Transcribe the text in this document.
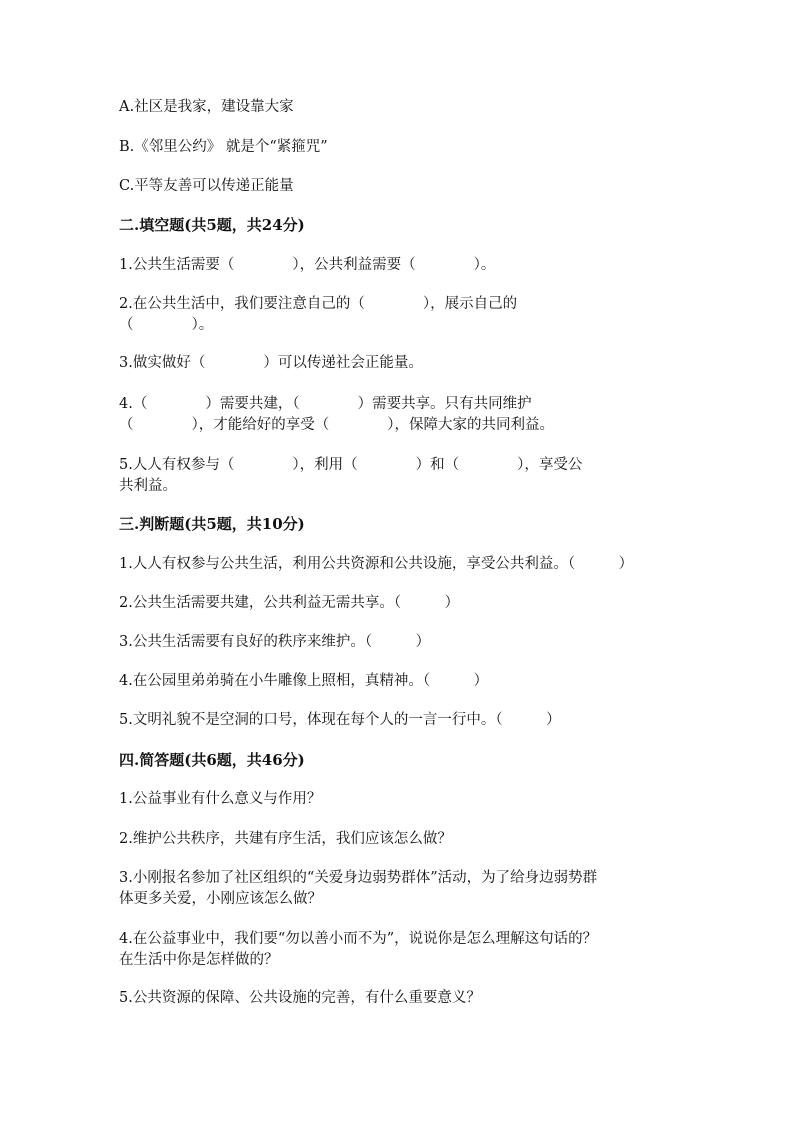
A.社区是我家，建设靠大家
B.《邻里公约》 就是个“紧箍咒”
C.平等友善可以传递正能量
二.填空题(共5题，共24分)
1.公共生活需要（　　　　），公共利益需要（　　　　）。
2.在公共生活中，我们要注意自己的（　　　　），展示自己的
（　　　　）。
3.做实做好（　　　　）可以传递社会正能量。
4.（　　　　）需要共建，（　　　　）需要共享。只有共同维护
（　　　　），才能给好的享受（　　　　），保障大家的共同利益。
5.人人有权参与（　　　　），利用（　　　　）和（　　　　），享受公
共利益。
三.判断题(共5题，共10分)
1.人人有权参与公共生活，利用公共资源和公共设施，享受公共利益。（　　　）
2.公共生活需要共建，公共利益无需共享。（　　　）
3.公共生活需要有良好的秩序来维护。（　　　）
4.在公园里弟弟骑在小牛雕像上照相，真精神。（　　　）
5.文明礼貌不是空洞的口号，体现在每个人的一言一行中。（　　　）
四.简答题(共6题，共46分)
1.公益事业有什么意义与作用？
2.维护公共秩序，共建有序生活，我们应该怎么做？
3.小刚报名参加了社区组织的“关爱身边弱势群体”活动，为了给身边弱势群
体更多关爱，小刚应该怎么做？
4.在公益事业中，我们要“勿以善小而不为”，说说你是怎么理解这句话的？
在生活中你是怎样做的？
5.公共资源的保障、公共设施的完善，有什么重要意义？
